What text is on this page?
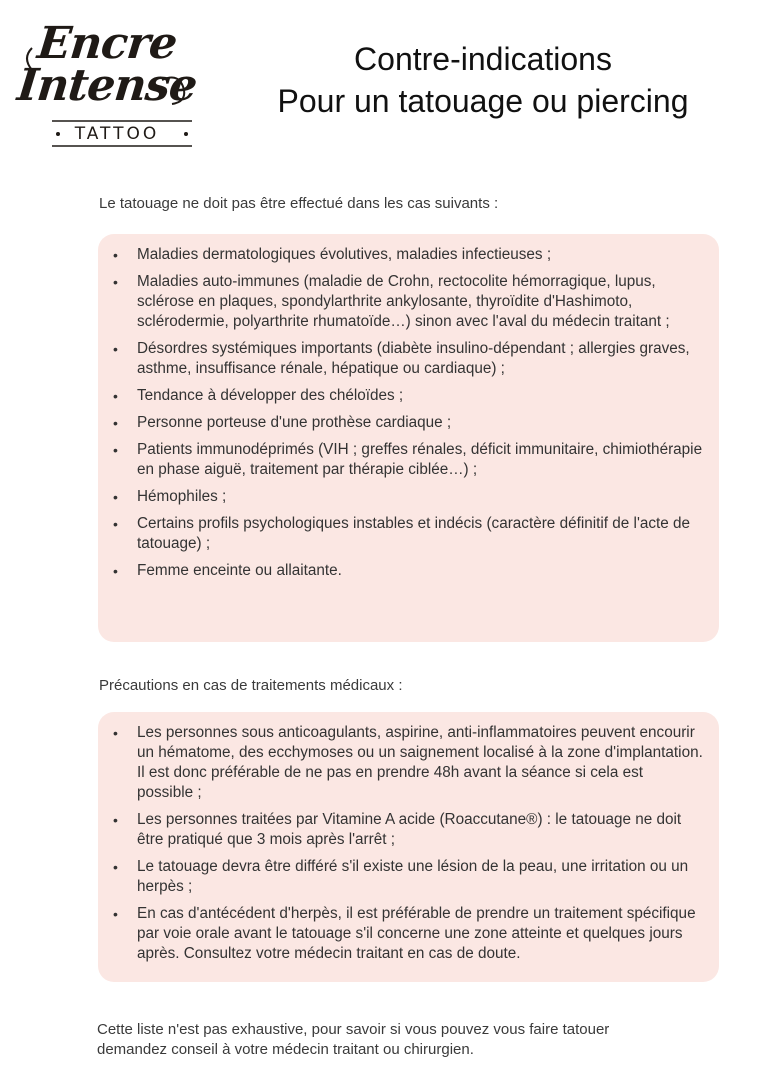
Encre
Intense
TATTOO
Contre-indications
Pour un tatouage ou piercing
Le tatouage ne doit pas être effectué dans les cas suivants :
• Maladies dermatologiques évolutives, maladies infectieuses ;
• Maladies auto-immunes (maladie de Crohn, rectocolite hémorragique, lupus, sclérose en plaques, spondylarthrite ankylosante, thyroïdite d'Hashimoto, sclérodermie, polyarthrite rhumatoïde…) sinon avec l'aval du médecin traitant ;
• Désordres systémiques importants (diabète insulino-dépendant ; allergies graves, asthme, insuffisance rénale, hépatique ou cardiaque) ;
• Tendance à développer des chéloïdes ;
• Personne porteuse d'une prothèse cardiaque ;
• Patients immunodéprimés (VIH ; greffes rénales, déficit immunitaire, chimiothérapie en phase aiguë, traitement par thérapie ciblée…) ;
• Hémophiles ;
• Certains profils psychologiques instables et indécis (caractère définitif de l'acte de tatouage) ;
• Femme enceinte ou allaitante.
Précautions en cas de traitements médicaux :
• Les personnes sous anticoagulants, aspirine, anti-inflammatoires peuvent encourir un hématome, des ecchymoses ou un saignement localisé à la zone d'implantation. Il est donc préférable de ne pas en prendre 48h avant la séance si cela est possible ;
• Les personnes traitées par Vitamine A acide (Roaccutane®) : le tatouage ne doit être pratiqué que 3 mois après l'arrêt ;
• Le tatouage devra être différé s'il existe une lésion de la peau, une irritation ou un herpès ;
• En cas d'antécédent d'herpès, il est préférable de prendre un traitement spécifique par voie orale avant le tatouage s'il concerne une zone atteinte et quelques jours après. Consultez votre médecin traitant en cas de doute.
Cette liste n'est pas exhaustive, pour savoir si vous pouvez vous faire tatouer
demandez conseil à votre médecin traitant ou chirurgien.
